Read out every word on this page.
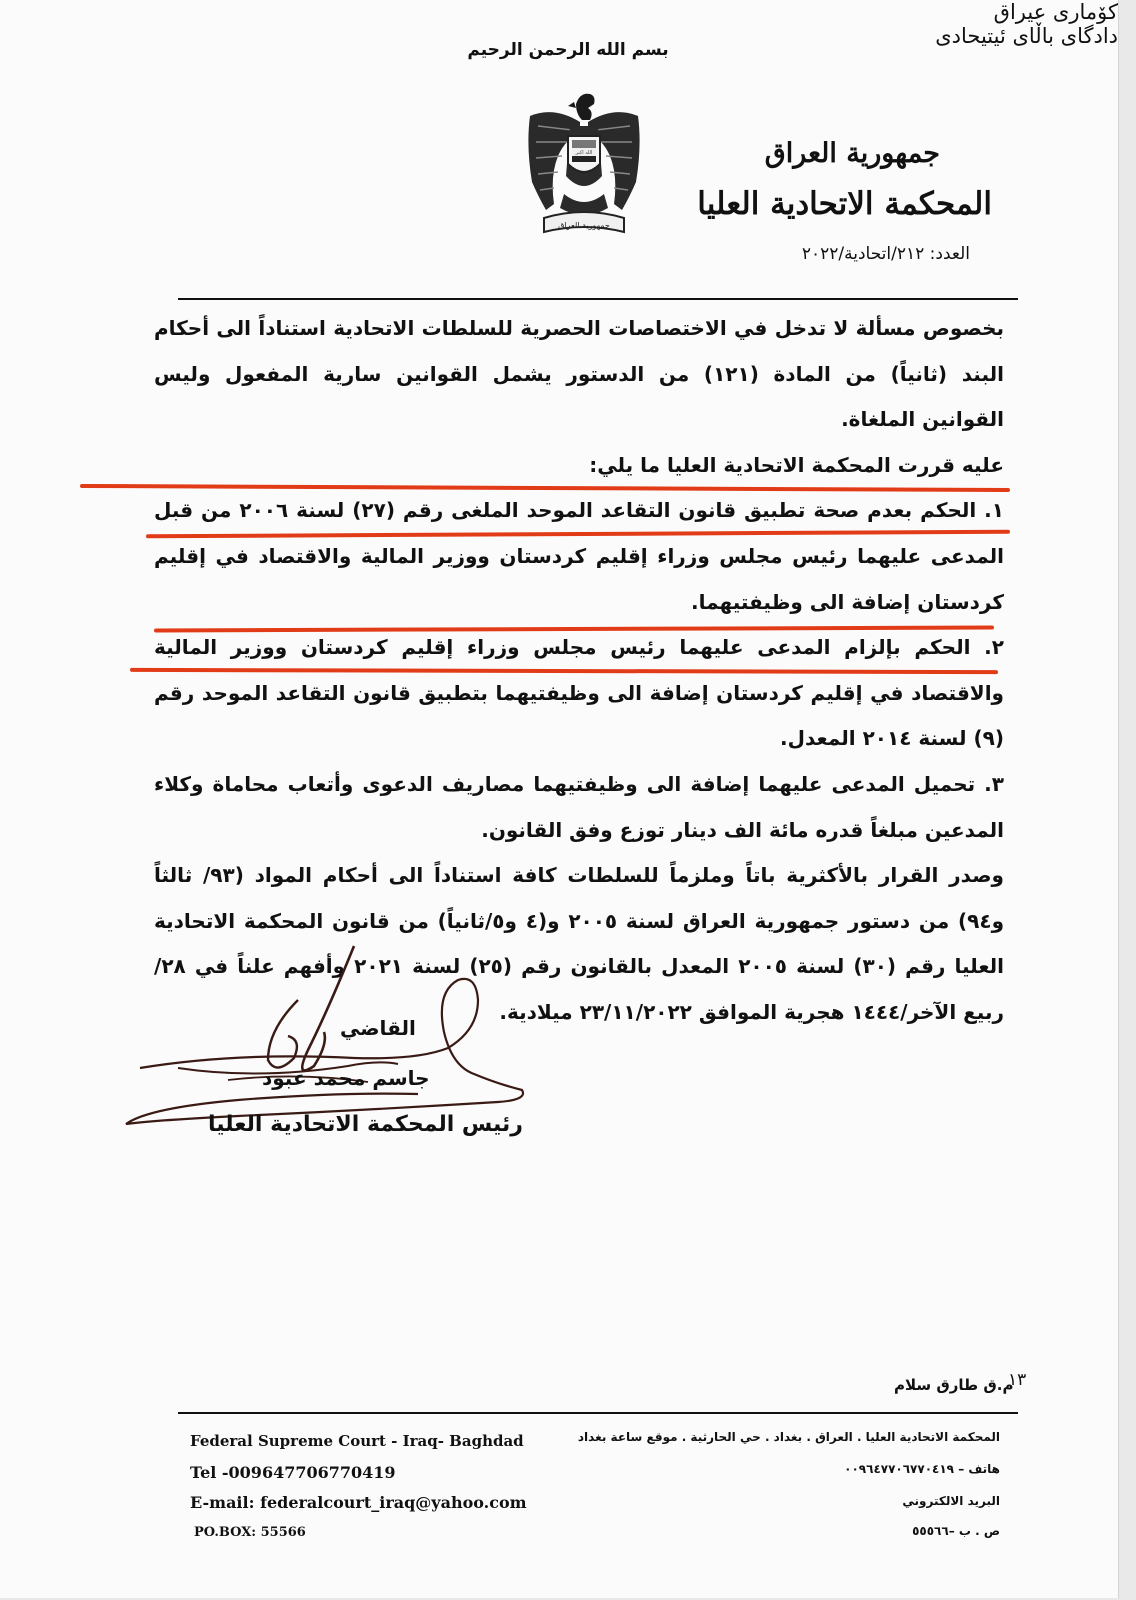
بسم الله الرحمن الرحيم
جمهورية العراق
المحكمة الاتحادية العليا
العدد: ٢١٢/اتحادية/٢٠٢٢
كۆمارى عيراق
دادگاى باڵاى ئيتيحادى
الله اكبر
جمهورية العراق

بخصوص مسألة لا تدخل في الاختصاصات الحصرية للسلطات الاتحادية استناداً الى أحكام البند (ثانياً) من المادة (١٢١) من الدستور يشمل القوانين سارية المفعول وليس القوانين الملغاة.

عليه قررت المحكمة الاتحادية العليا ما يلي:

١. الحكم بعدم صحة تطبيق قانون التقاعد الموحد الملغى رقم (٢٧) لسنة ٢٠٠٦ من قبل المدعى عليهما رئيس مجلس وزراء إقليم كردستان ووزير المالية والاقتصاد في إقليم كردستان إضافة الى وظيفتيهما.

٢. الحكم بإلزام المدعى عليهما رئيس مجلس وزراء إقليم كردستان ووزير المالية والاقتصاد في إقليم كردستان إضافة الى وظيفتيهما بتطبيق قانون التقاعد الموحد رقم (٩) لسنة ٢٠١٤ المعدل.

٣. تحميل المدعى عليهما إضافة الى وظيفتيهما مصاريف الدعوى وأتعاب محاماة وكلاء المدعين مبلغاً قدره مائة الف دينار توزع وفق القانون.

وصدر القرار بالأكثرية باتاً وملزماً للسلطات كافة استناداً الى أحكام المواد (٩٣/ ثالثاً و٩٤) من دستور جمهورية العراق لسنة ٢٠٠٥ و(٤ و٥/ثانياً) من قانون المحكمة الاتحادية العليا رقم (٣٠) لسنة ٢٠٠٥ المعدل بالقانون رقم (٢٥) لسنة ٢٠٢١ وأفهم علناً في ٢٨/ربيع الآخر/١٤٤٤ هجرية الموافق ٢٣/١١/٢٠٢٢ ميلادية.

القاضي
جاسم محمد عبود
رئيس المحكمة الاتحادية العليا
١٣
م.ق طارق سلام
Federal Supreme Court - Iraq- Baghdad
Tel -009647706770419
E-mail: federalcourt_iraq@yahoo.com
PO.BOX: 55566
المحكمة الاتحادية العليا . العراق . بغداد . حي الحارثية . موقع ساعة بغداد
هاتف – ٠٠٩٦٤٧٧٠٦٧٧٠٤١٩
البريد الالكتروني
ص . ب –٥٥٥٦٦
